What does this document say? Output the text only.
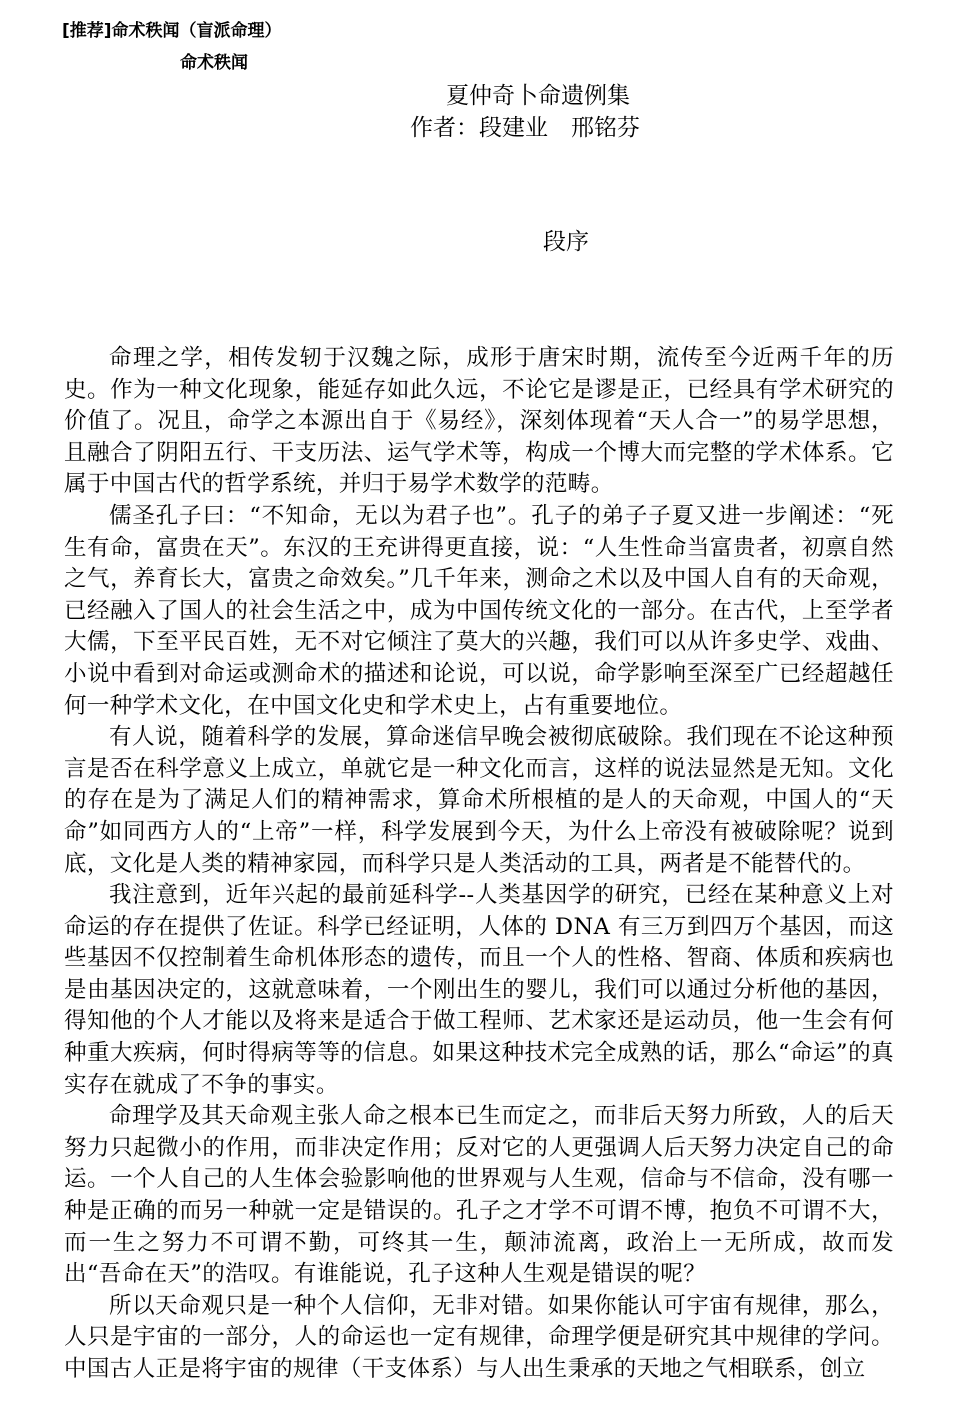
[推荐]命术秩闻（盲派命理）
命术秩闻
夏仲奇卜命遗例集
作者：段建业　邢铭芬
段序

命理之学，相传发轫于汉魏之际，成形于唐宋时期，流传至今近两千年的历史。作为一种文化现象，能延存如此久远，不论它是谬是正，已经具有学术研究的价值了。况且，命学之本源出自于《易经》，深刻体现着“天人合一”的易学思想，且融合了阴阳五行、干支历法、运气学术等，构成一个博大而完整的学术体系。它属于中国古代的哲学系统，并归于易学术数学的范畴。

儒圣孔子曰：“不知命，无以为君子也”。孔子的弟子子夏又进一步阐述：“死生有命，富贵在天”。东汉的王充讲得更直接，说：“人生性命当富贵者，初禀自然之气，养育长大，富贵之命效矣。”几千年来，测命之术以及中国人自有的天命观，已经融入了国人的社会生活之中，成为中国传统文化的一部分。在古代，上至学者大儒，下至平民百姓，无不对它倾注了莫大的兴趣，我们可以从许多史学、戏曲、小说中看到对命运或测命术的描述和论说，可以说，命学影响至深至广已经超越任何一种学术文化，在中国文化史和学术史上，占有重要地位。

有人说，随着科学的发展，算命迷信早晚会被彻底破除。我们现在不论这种预言是否在科学意义上成立，单就它是一种文化而言，这样的说法显然是无知。文化的存在是为了满足人们的精神需求，算命术所根植的是人的天命观，中国人的“天命”如同西方人的“上帝”一样，科学发展到今天，为什么上帝没有被破除呢？说到底，文化是人类的精神家园，而科学只是人类活动的工具，两者是不能替代的。

我注意到，近年兴起的最前延科学--人类基因学的研究，已经在某种意义上对命运的存在提供了佐证。科学已经证明，人体的 DNA 有三万到四万个基因，而这些基因不仅控制着生命机体形态的遗传，而且一个人的性格、智商、体质和疾病也是由基因决定的，这就意味着，一个刚出生的婴儿，我们可以通过分析他的基因，得知他的个人才能以及将来是适合于做工程师、艺术家还是运动员，他一生会有何种重大疾病，何时得病等等的信息。如果这种技术完全成熟的话，那么“命运”的真实存在就成了不争的事实。

命理学及其天命观主张人命之根本已生而定之，而非后天努力所致，人的后天努力只起微小的作用，而非决定作用；反对它的人更强调人后天努力决定自己的命运。一个人自己的人生体会验影响他的世界观与人生观，信命与不信命，没有哪一种是正确的而另一种就一定是错误的。孔子之才学不可谓不博，抱负不可谓不大，而一生之努力不可谓不勤，可终其一生，颠沛流离，政治上一无所成，故而发出“吾命在天”的浩叹。有谁能说，孔子这种人生观是错误的呢？

所以天命观只是一种个人信仰，无非对错。如果你能认可宇宙有规律，那么，人只是宇宙的一部分，人的命运也一定有规律，命理学便是研究其中规律的学问。中国古人正是将宇宙的规律（干支体系）与人出生秉承的天地之气相联系，创立
